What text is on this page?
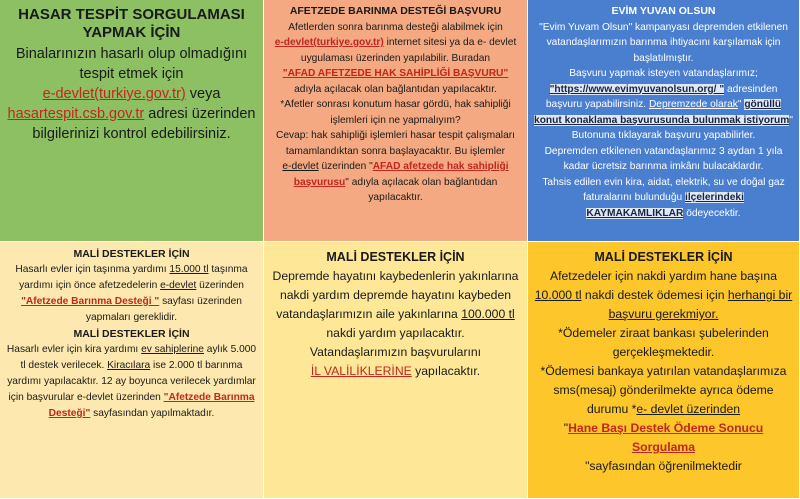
HASAR TESPİT SORGULAMASI YAPMAK İÇİN
Binalarınızın hasarlı olup olmadığını tespit etmek için
e-devlet(turkiye.gov.tr) veya
hasartespit.csb.gov.tr adresi üzerinden bilgilerinizi kontrol edebilirsiniz.
AFETZEDE BARINMA DESTEĞİ BAŞVURU
Afetlerden sonra barınma desteği alabilmek için
e-devlet(turkiye.gov.tr) internet sitesi ya da e- devlet uygulaması üzerinden yapılabilir. Buradan
"AFAD AFETZEDE HAK SAHİPLİĞİ BAŞVURU" adıyla açılacak olan bağlantıdan yapılacaktır.
*Afetler sonrası konutum hasar gördü, hak sahipliği işlemleri için ne yapmalıyım?
Cevap: hak sahipliği işlemleri hasar tespit çalışmaları tamamlandıktan sonra başlayacaktır. Bu işlemler
e-devlet üzerinden "AFAD afetzede hak sahipliği başvurusu" adıyla açılacak olan bağlantıdan yapılacaktır.
EVİM YUVAN OLSUN
"Evim Yuvam Olsun" kampanyası depremden etkilenen vatandaşlarımızın barınma ihtiyacını karşılamak için başlatılmıştır.
Başvuru yapmak isteyen vatandaşlarımız;
"https://www.evimyuvanolsun.org/ " adresinden başvuru yapabilirsiniz. Depremzede olarak" gönüllü konut konaklama başvurusunda bulunmak istiyorum" Butonuna tıklayarak başvuru yapabilirler.
Depremden etkilenen vatandaşlarımız 3 aydan 1 yıla kadar ücretsiz barınma imkânı bulacaklardır.
Tahsis edilen evin kira, aidat, elektrik, su ve doğal gaz faturalarını bulunduğu ilçelerindeki
KAYMAKAMLIKLAR ödeyecektir.
MALİ DESTEKLER İÇİN
Hasarlı evler için taşınma yardımı 15.000 tl taşınma yardımı için önce afetzedelerin e-devlet üzerinden
"Afetzede Barınma Desteği " sayfası üzerinden yapmaları gereklidir.
MALİ DESTEKLER İÇİN
Hasarlı evler için kira yardımı ev sahiplerine aylık 5.000 tl destek verilecek. Kiracılara ise 2.000 tl barınma yardımı yapılacaktır. 12 ay boyunca verilecek yardımlar için başvurular e-devlet üzerinden "Afetzede Barınma Desteği" sayfasından yapılmaktadır.
MALİ DESTEKLER İÇİN
Depremde hayatını kaybedenlerin yakınlarına nakdi yardım depremde hayatını kaybeden vatandaşlarımızın aile yakınlarına 100.000 tl nakdi yardım yapılacaktır.
Vatandaşlarımızın başvurularını
İL VALİLİKLERİNE yapılacaktır.
MALİ DESTEKLER İÇİN
Afetzedeler için nakdi yardım hane başına 10.000 tl nakdi destek ödemesi için herhangi bir başvuru gerekmiyor.
*Ödemeler ziraat bankası şubelerinden gerçekleşmektedir.
*Ödemesi bankaya yatırılan vatandaşlarımıza sms(mesaj) gönderilmekte ayrıca ödeme durumu *e- devlet üzerinden
"Hane Başı Destek Ödeme Sonucu Sorgulama
"sayfasından öğrenilmektedir
